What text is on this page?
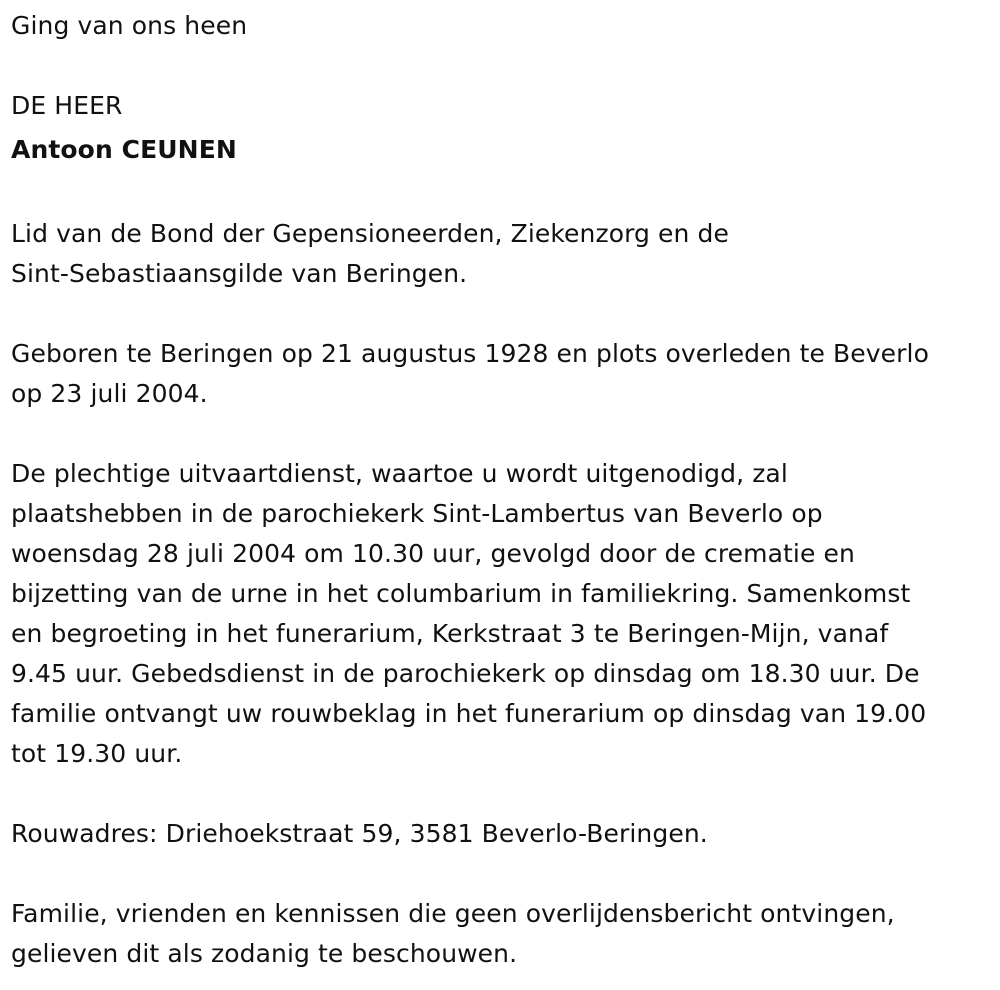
Ging van ons heen
DE HEER
Antoon CEUNEN
Lid van de Bond der Gepensioneerden, Ziekenzorg en de
Sint-Sebastiaansgilde van Beringen.
Geboren te Beringen op 21 augustus 1928 en plots overleden te Beverlo
op 23 juli 2004.
De plechtige uitvaartdienst, waartoe u wordt uitgenodigd, zal
plaatshebben in de parochiekerk Sint-Lambertus van Beverlo op
woensdag 28 juli 2004 om 10.30 uur, gevolgd door de crematie en
bijzetting van de urne in het columbarium in familiekring. Samenkomst
en begroeting in het funerarium, Kerkstraat 3 te Beringen-Mijn, vanaf
9.45 uur. Gebedsdienst in de parochiekerk op dinsdag om 18.30 uur. De
familie ontvangt uw rouwbeklag in het funerarium op dinsdag van 19.00
tot 19.30 uur.
Rouwadres: Driehoekstraat 59, 3581 Beverlo-Beringen.
Familie, vrienden en kennissen die geen overlijdensbericht ontvingen,
gelieven dit als zodanig te beschouwen.
